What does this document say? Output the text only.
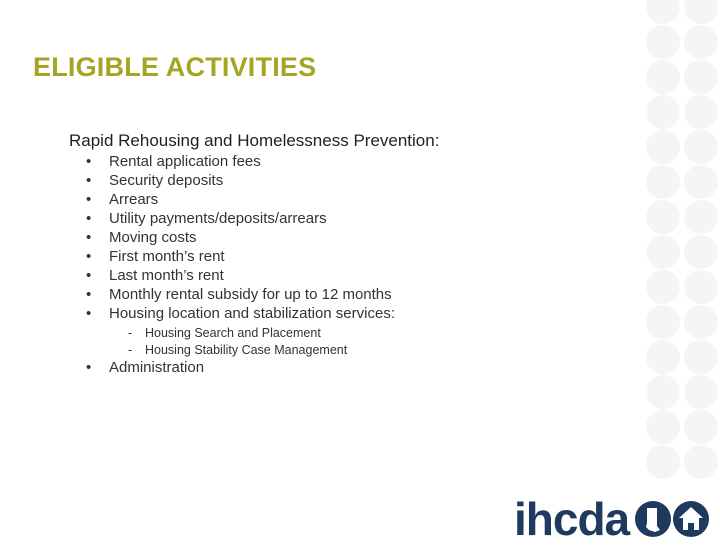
ELIGIBLE ACTIVITIES

Rapid Rehousing and Homelessness Prevention:

• Rental application fees
• Security deposits
• Arrears
• Utility payments/deposits/arrears
• Moving costs
• First month’s rent
• Last month’s rent
• Monthly rental subsidy for up to 12 months
• Housing location and stabilization services:
- Housing Search and Placement
- Housing Stability Case Management
• Administration
ihcda
